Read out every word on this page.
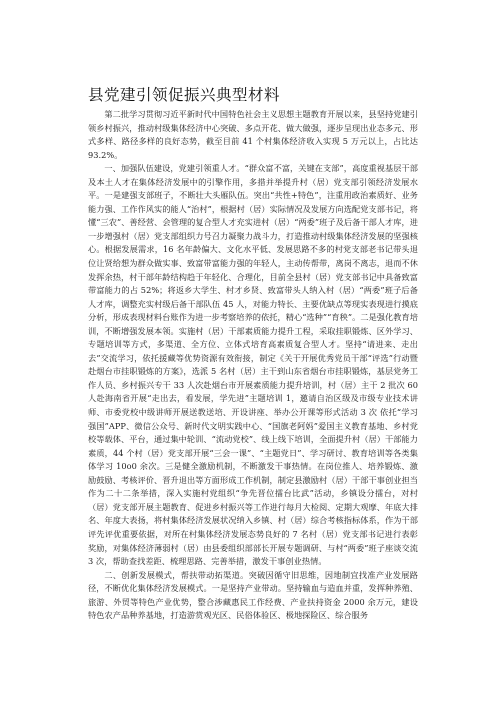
县党建引领促振兴典型材料

第二批学习贯彻习近平新时代中国特色社会主义思想主题教育开展以来，县坚持党建引领乡村振兴，推动村级集体经济中心突破、多点开花、做大做强，逐步呈现出业态多元、形式多样、路径多样的良好态势，截至目前 41 个村集体经济收入实现 5 万元以上，占比达 93.2%。

一、加强队伍建设，党建引领重人才。“群众富不富，关键在支部”，高度重视基层干部及本土人才在集体经济发展中的引擎作用，多措并举提升村（居）党支部引领经济发展水平。一是建强支部班子，不断壮大头雁队伍。突出“共性+特色”，注重用政治素质好、业务能力强、工作作风实的能人“治村”，根据村（居）实际情况及发展方向选配党支部书记，将懂“三农”、善经营、会管理的复合型人才充实进村（居）“两委”班子及后备干部人才库，进一步增强村（居）党支部组织力号召力凝聚力战斗力，打造推动村级集体经济发展的坚强核心。根据发展需求，16 名年龄偏大、文化水平低、发展思路不多的村党支部老书记带头退位让贤给想为群众做实事、致富带富能力强的年轻人，主动传帮带，离岗不离志，退而不休发挥余热，村干部年龄结构趋于年轻化、合理化，目前全县村（居）党支部书记中具备致富带富能力的占 52%；将返乡大学生、村才乡贤、致富带头人纳入村（居）“两委”班子后备人才库，调整充实村级后备干部队伍 45 人，对能力特长、主要优缺点等现实表现进行摸底分析，形成表现材料台账作为进一步考察培养的依托，精心“选种”“育秧”。二是强化教育培训，不断增强发展本领。实施村（居）干部素质能力提升工程，采取挂职锻炼、区外学习、专题培训等方式，多渠道、全方位、立体式培育高素质复合型人才。坚持“请进来、走出去”交流学习，依托援藏等优势资源有效衔接，制定《关于开展优秀党员干部“评选”行动暨赴烟台市挂职锻炼的方案》，选派 5 名村（居）主干到山东省烟台市挂职锻炼，基层党务工作人员、乡村振兴专干 33 人次赴烟台市开展素质能力提升培训，村（居）主干 2 批次 60 人赴海南省开展“走出去，看发展，学先进”主题培训 1，邀请自治区级及市级专业技术讲师、市委党校中级讲师开展送教送培、开设讲座、举办公开课等形式活动 3 次 依托“学习强国”APP、微信公众号、新时代文明实践中心、“国旗老阿妈”爱国主义教育基地、乡村党校等载体、平台，通过集中轮训、“流动党校”、线上线下培训，全面提升村（居）干部能力素质，44 个村（居）党支部开展“三会一课”、“主题党日”、学习研讨、教育培训等各类集体学习 10o0 余次。三是健全激励机制，不断激发干事热情。在岗位推人、培养锻炼、激励鼓励、考核评价、晋升退出等方面形成工作机制，制定县激励村（居）干部干事创业担当作为二十二条举措，深入实施村党组织“争先晋位擂台比武”活动，乡镇设分擂台，对村（居）党支部开展主题教育、促进乡村振兴等工作进行每月大检阅、定期大观摩、年底大排名、年度大表扬，将村集体经济发展状况纳入乡镇、村（居）综合考核指标体系，作为干部评先评优重要依据，对所在村集体经济发展态势良好的 7 名村（居）党支部书记进行表彰奖励，对集体经济薄弱村（居）由县委组织部部长开展专题调研、与村“两委”班子座谈交流 3 次，帮助查找差距、梳理思路、完善举措，激发干事创业热情。

二、创新发展模式，帮扶带动拓渠道。突破因循守旧思维，因地制宜找准产业发展路径，不断优化集体经济发展模式。一是坚持产业带动。坚持输血与造血并重，发挥种养殖、旅游、外贸等特色产业优势，整合涉藏惠民工作经费、产业扶持资金 2000 余万元，建设特色农产品种养基地，打造游赏观光区、民俗体验区、极地探险区、综合服务
